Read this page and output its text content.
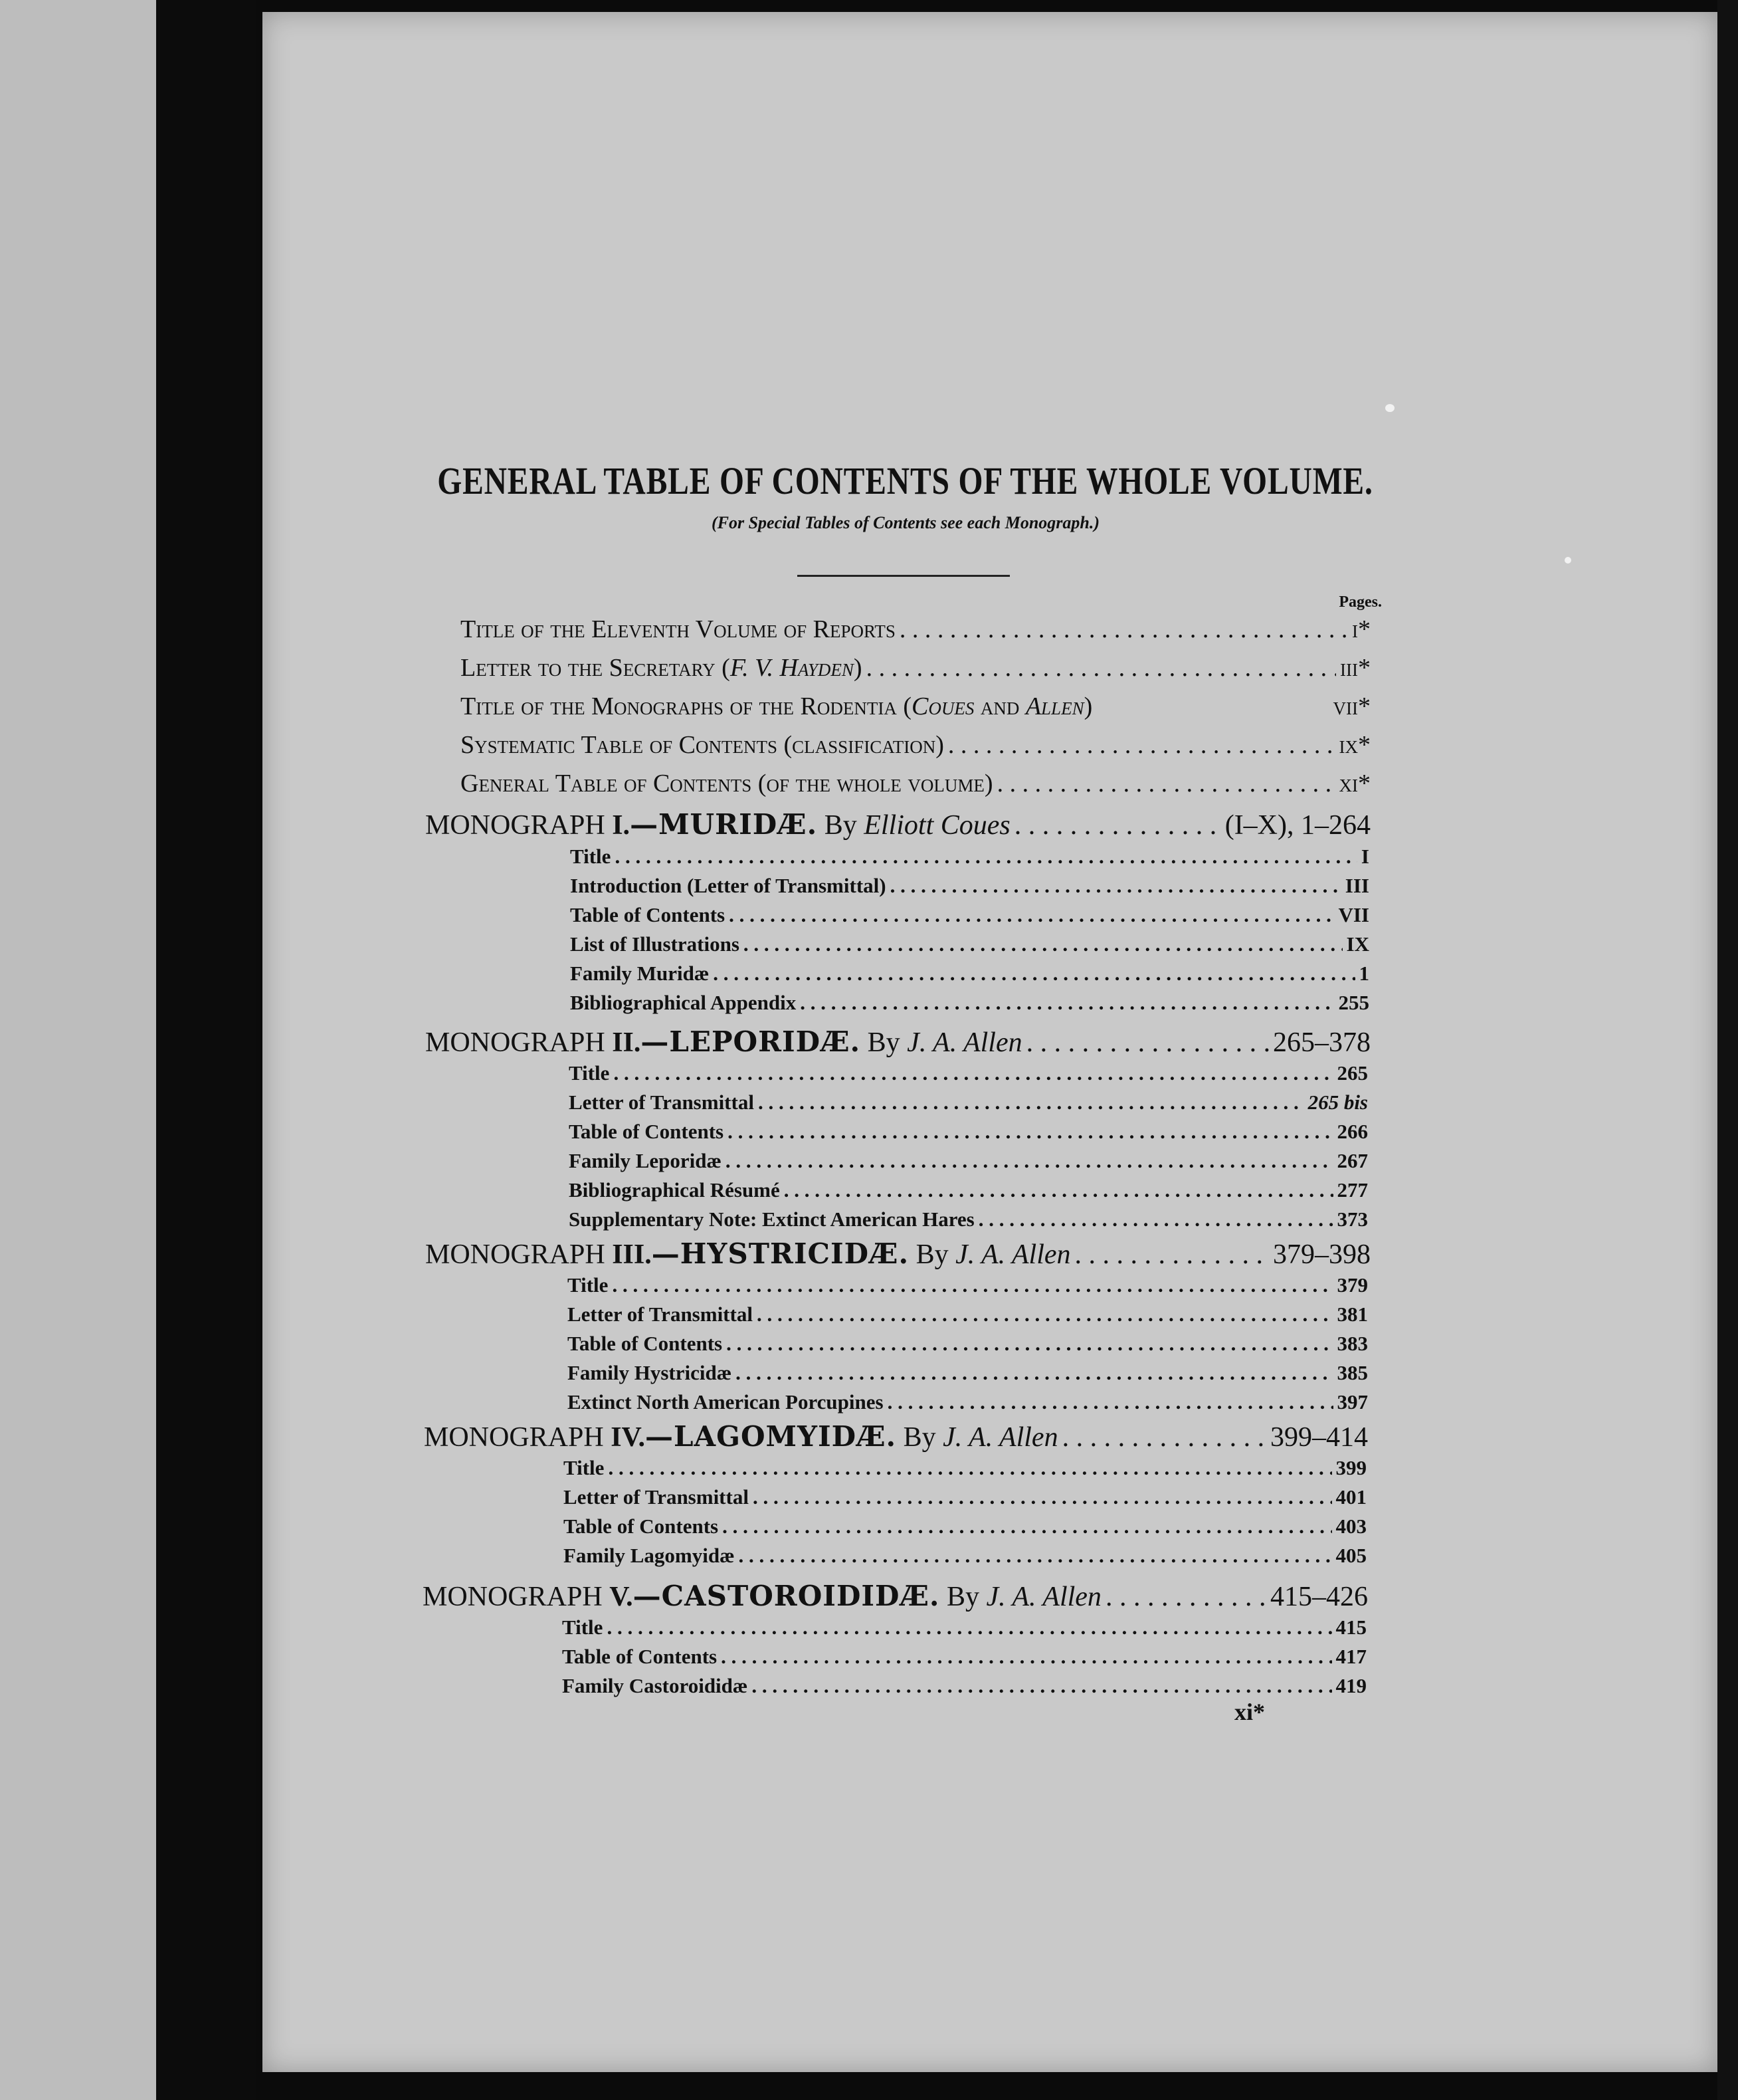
GENERAL TABLE OF CONTENTS OF THE WHOLE VOLUME.
(For Special Tables of Contents see each Monograph.)
Pages.
Title of the Eleventh Volume of Reports . . .	i*
Letter to the Secretary (F. V. Hayden) . . .	iii*
Title of the Monographs of the Rodentia (Coues and Allen)	vii*
Systematic Table of Contents (classification) . . .	ix*
General Table of Contents (of the whole volume) . . .	xi*
MONOGRAPH I.—MURIDÆ. By Elliott Coues . . .	(I–X), 1–264
Title . . .	I
Introduction (Letter of Transmittal) . . .	III
Table of Contents . . .	VII
List of Illustrations . . .	IX
Family Muridæ . . .	1
Bibliographical Appendix . . .	255
MONOGRAPH II.—LEPORIDÆ. By J. A. Allen . . .	265–378
Title . . .	265
Letter of Transmittal . . .	265 bis
Table of Contents . . .	266
Family Leporidæ . . .	267
Bibliographical Résumé . . .	277
Supplementary Note: Extinct American Hares . . .	373
MONOGRAPH III.—HYSTRICIDÆ. By J. A. Allen . . .	379–398
Title . . .	379
Letter of Transmittal . . .	381
Table of Contents . . .	383
Family Hystricidæ . . .	385
Extinct North American Porcupines . . .	397
MONOGRAPH IV.—LAGOMYIDÆ. By J. A. Allen . . .	399–414
Title . . .	399
Letter of Transmittal . . .	401
Table of Contents . . .	403
Family Lagomyidæ . . .	405
MONOGRAPH V.—CASTOROIDIDÆ. By J. A. Allen . . .	415–426
Title . . .	415
Table of Contents . . .	417
Family Castoroididæ . . .	419
xi*
